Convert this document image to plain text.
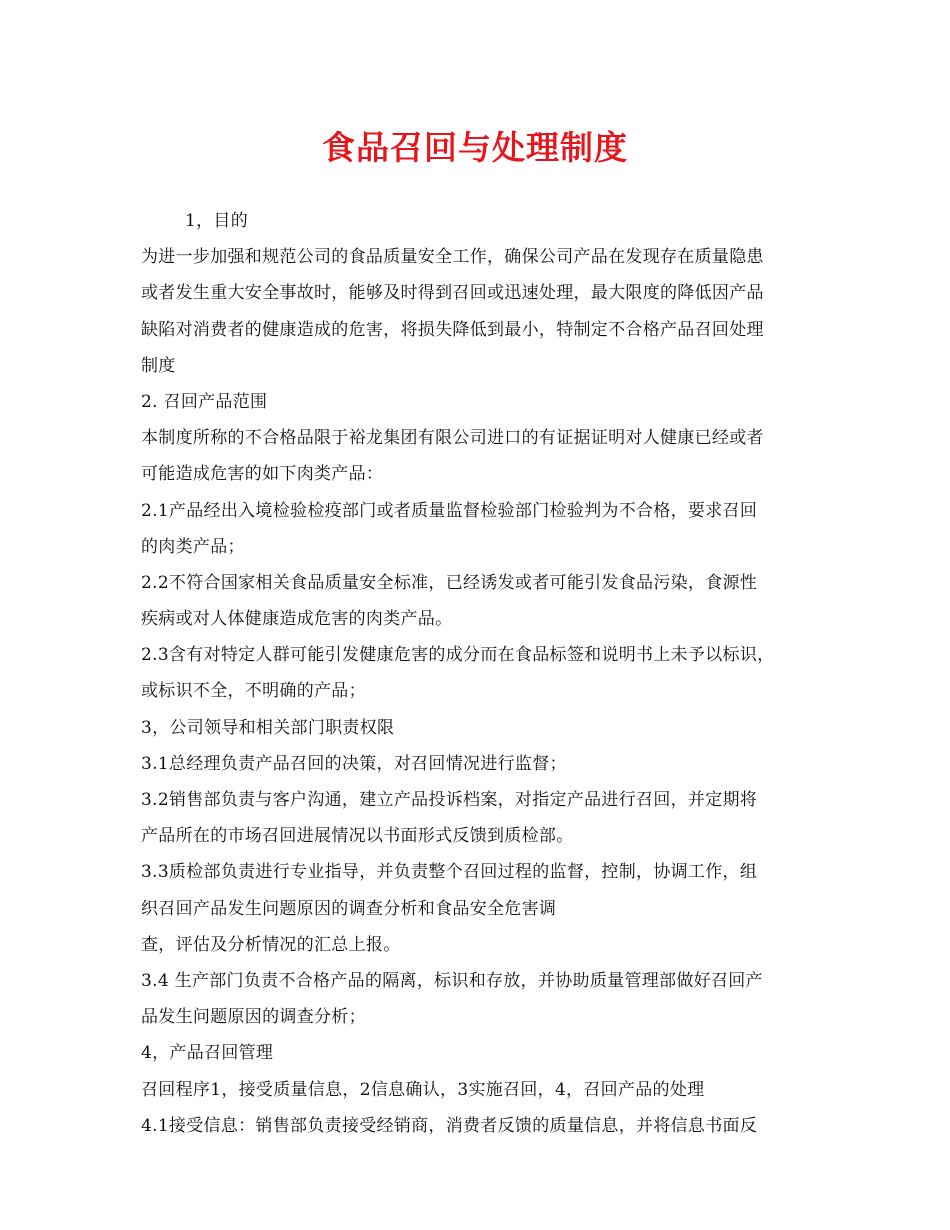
食品召回与处理制度
1，目的
为进一步加强和规范公司的食品质量安全工作，确保公司产品在发现存在质量隐患
或者发生重大安全事故时，能够及时得到召回或迅速处理，最大限度的降低因产品
缺陷对消费者的健康造成的危害，将损失降低到最小，特制定不合格产品召回处理
制度
2. 召回产品范围
本制度所称的不合格品限于裕龙集团有限公司进口的有证据证明对人健康已经或者
可能造成危害的如下肉类产品：
2.1产品经出入境检验检疫部门或者质量监督检验部门检验判为不合格，要求召回
的肉类产品；
2.2不符合国家相关食品质量安全标准，已经诱发或者可能引发食品污染，食源性
疾病或对人体健康造成危害的肉类产品。
2.3含有对特定人群可能引发健康危害的成分而在食品标签和说明书上未予以标识，
或标识不全，不明确的产品；
3，公司领导和相关部门职责权限
3.1总经理负责产品召回的决策，对召回情况进行监督；
3.2销售部负责与客户沟通，建立产品投诉档案，对指定产品进行召回，并定期将
产品所在的市场召回进展情况以书面形式反馈到质检部。
3.3质检部负责进行专业指导，并负责整个召回过程的监督，控制，协调工作，组
织召回产品发生问题原因的调查分析和食品安全危害调
查，评估及分析情况的汇总上报。
3.4 生产部门负责不合格产品的隔离，标识和存放，并协助质量管理部做好召回产
品发生问题原因的调查分析；
4，产品召回管理
召回程序1，接受质量信息，2信息确认，3实施召回，4，召回产品的处理
4.1接受信息：销售部负责接受经销商，消费者反馈的质量信息，并将信息书面反
